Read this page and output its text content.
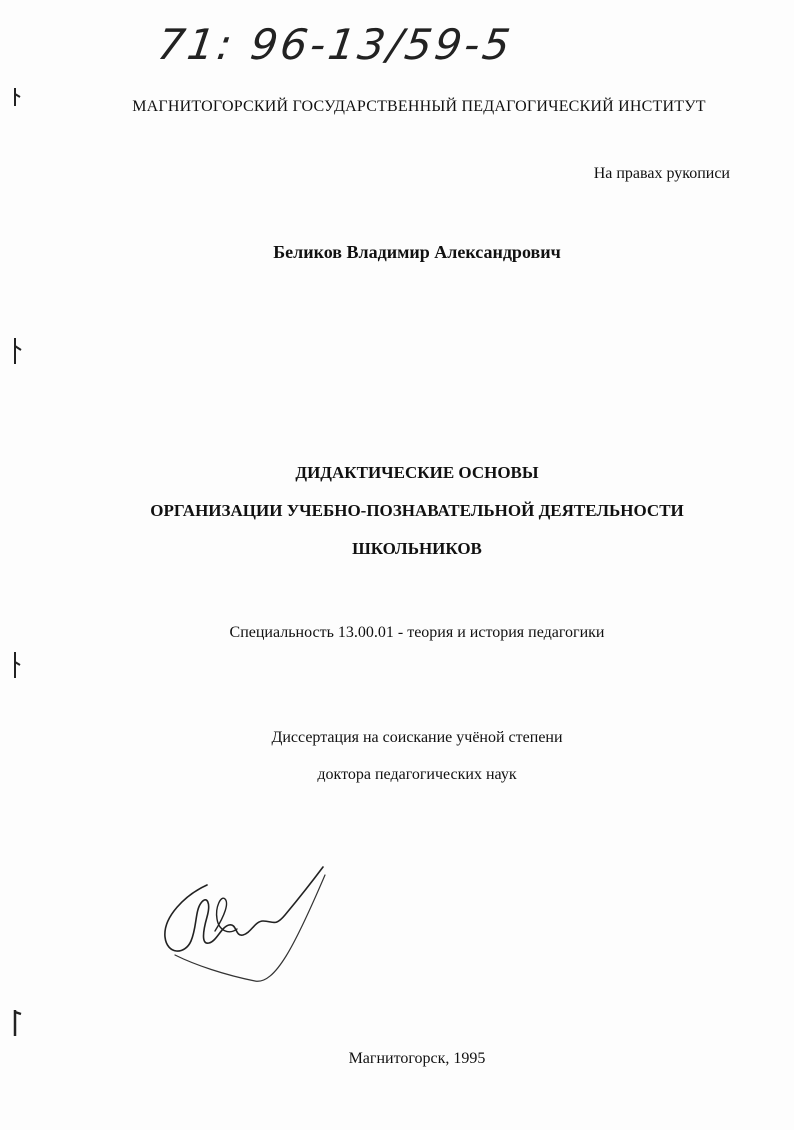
71: 96-13/59-5
МАГНИТОГОРСКИЙ ГОСУДАРСТВЕННЫЙ ПЕДАГОГИЧЕСКИЙ ИНСТИТУТ
На правах рукописи
Беликов Владимир Александрович
ДИДАКТИЧЕСКИЕ ОСНОВЫ
ОРГАНИЗАЦИИ УЧЕБНО-ПОЗНАВАТЕЛЬНОЙ ДЕЯТЕЛЬНОСТИ
ШКОЛЬНИКОВ
Специальность 13.00.01 - теория и история педагогики
Диссертация на соискание учёной степени
доктора педагогических наук
Магнитогорск, 1995
